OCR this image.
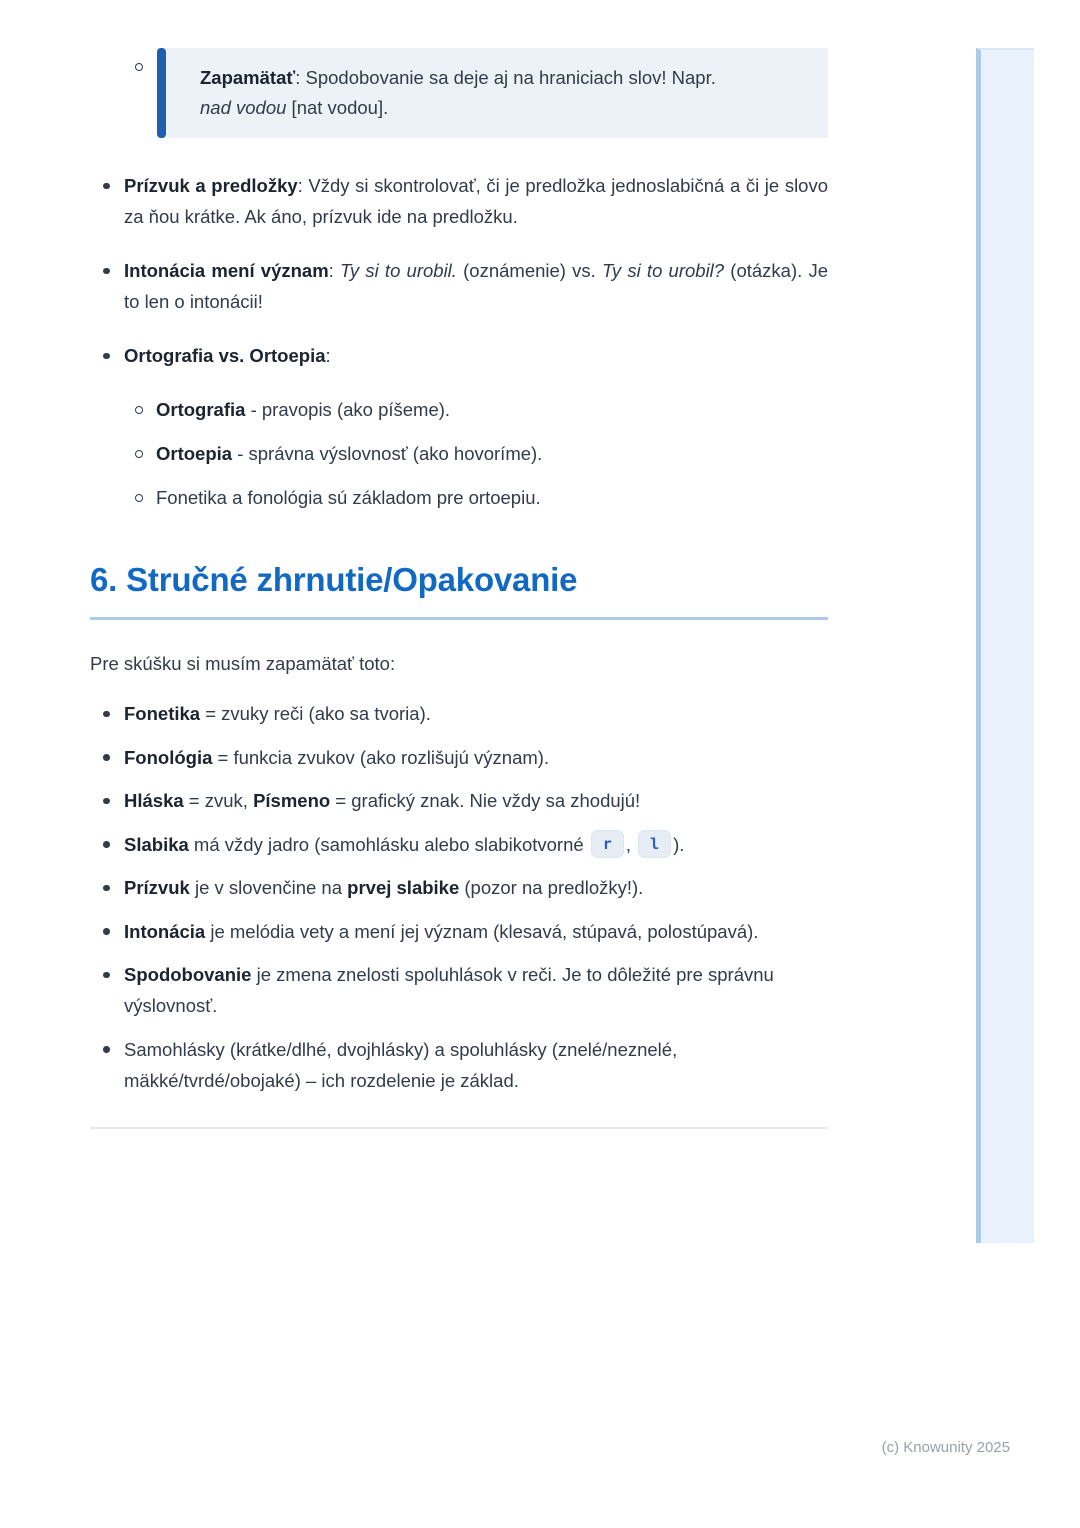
Zapamätať: Spodobovanie sa deje aj na hraniciach slov! Napr.
nad vodou [nat vodou].
Prízvuk a predložky: Vždy si skontrolovať, či je predložka jednoslabičná a či je slovo za ňou krátke. Ak áno, prízvuk ide na predložku.
Intonácia mení význam: Ty si to urobil. (oznámenie) vs. Ty si to urobil? (otázka). Je to len o intonácii!
Ortografia vs. Ortoepia:
Ortografia - pravopis (ako píšeme).
Ortoepia - správna výslovnosť (ako hovoríme).
Fonetika a fonológia sú základom pre ortoepiu.
6. Stručné zhrnutie/Opakovanie

Pre skúšku si musím zapamätať toto:

Fonetika = zvuky reči (ako sa tvoria).
Fonológia = funkcia zvukov (ako rozlišujú význam).
Hláska = zvuk, Písmeno = grafický znak. Nie vždy sa zhodujú!
Slabika má vždy jadro (samohlásku alebo slabikotvorné r , l ).
Prízvuk je v slovenčine na prvej slabike (pozor na predložky!).
Intonácia je melódia vety a mení jej význam (klesavá, stúpavá, polostúpavá).
Spodobovanie je zmena znelosti spoluhlások v reči. Je to dôležité pre správnu výslovnosť.
Samohlásky (krátke/dlhé, dvojhlásky) a spoluhlásky (znelé/neznelé, mäkké/tvrdé/obojaké) – ich rozdelenie je základ.
(c) Knowunity 2025
